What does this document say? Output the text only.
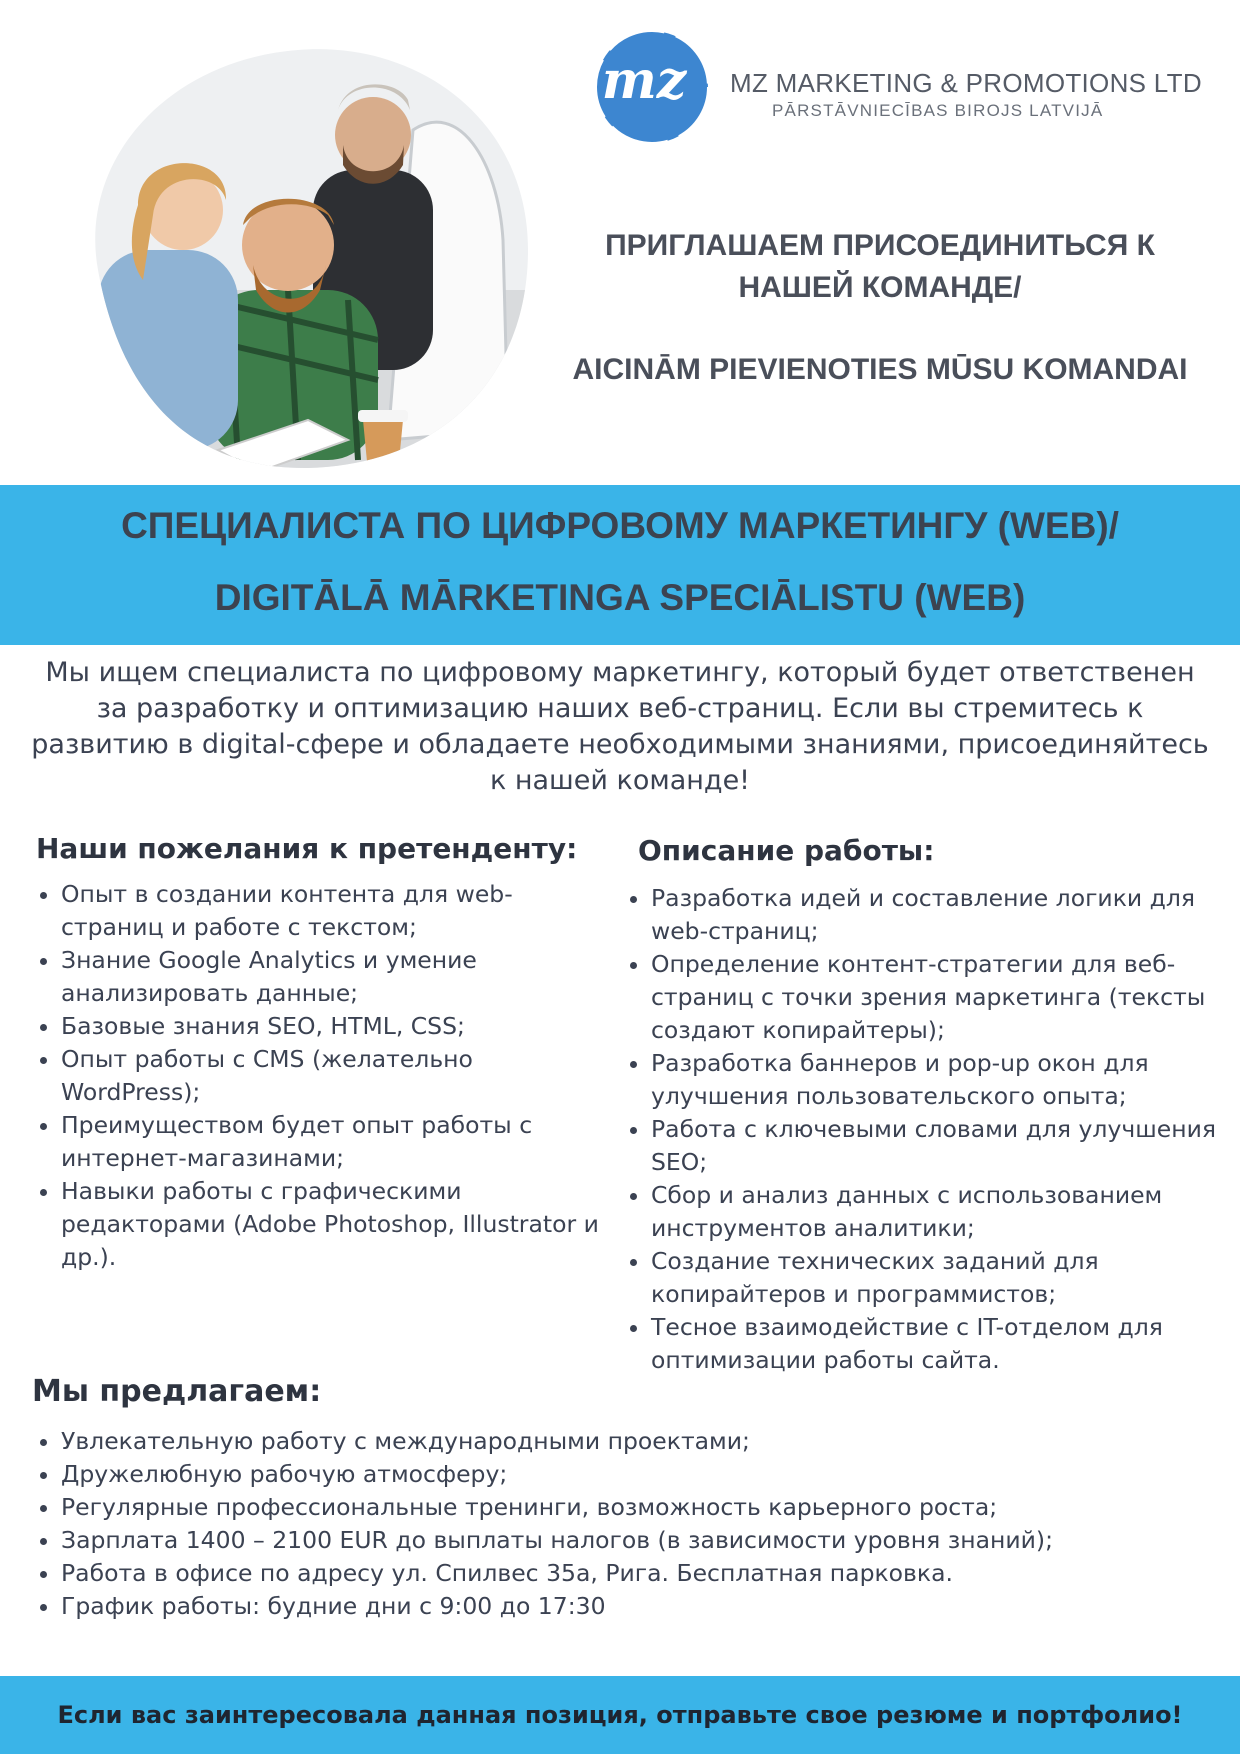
mz MZ MARKETING & PROMOTIONS LTD
PĀRSTĀVNIECĪBAS BIROJS LATVIJĀ

ПРИГЛАШАЕМ ПРИСОЕДИНИТЬСЯ К НАШЕЙ КОМАНДЕ/

AICINĀM PIEVIENOTIES MŪSU KOMANDAI

СПЕЦИАЛИСТА ПО ЦИФРОВОМУ МАРКЕТИНГУ (WEB)/
DIGITĀLĀ MĀRKETINGA SPECIĀLISTU (WEB)
Мы ищем специалиста по цифровому маркетингу, который будет ответственен за разработку и оптимизацию наших веб-страниц. Если вы стремитесь к развитию в digital-сфере и обладаете необходимыми знаниями, присоединяйтесь к нашей команде!
Наши пожелания к претенденту:
• Опыт в создании контента для web-страниц и работе с текстом;
• Знание Google Analytics и умение анализировать данные;
• Базовые знания SEO, HTML, CSS;
• Опыт работы с CMS (желательно WordPress);
• Преимуществом будет опыт работы с интернет-магазинами;
• Навыки работы с графическими редакторами (Adobe Photoshop, Illustrator и др.).
Описание работы:
• Разработка идей и составление логики для web-страниц;
• Определение контент-стратегии для веб-страниц с точки зрения маркетинга (тексты создают копирайтеры);
• Разработка баннеров и pop-up окон для улучшения пользовательского опыта;
• Работа с ключевыми словами для улучшения SEO;
• Сбор и анализ данных с использованием инструментов аналитики;
• Создание технических заданий для копирайтеров и программистов;
• Тесное взаимодействие с IT-отделом для оптимизации работы сайта.
Мы предлагаем:
• Увлекательную работу с международными проектами;
• Дружелюбную рабочую атмосферу;
• Регулярные профессиональные тренинги, возможность карьерного роста;
• Зарплата 1400 – 2100 EUR до выплаты налогов (в зависимости уровня знаний);
• Работа в офисе по адресу ул. Спилвес 35а, Рига. Бесплатная парковка.
• График работы: будние дни с 9:00 до 17:30
Если вас заинтересовала данная позиция, отправьте свое резюме и портфолио!
